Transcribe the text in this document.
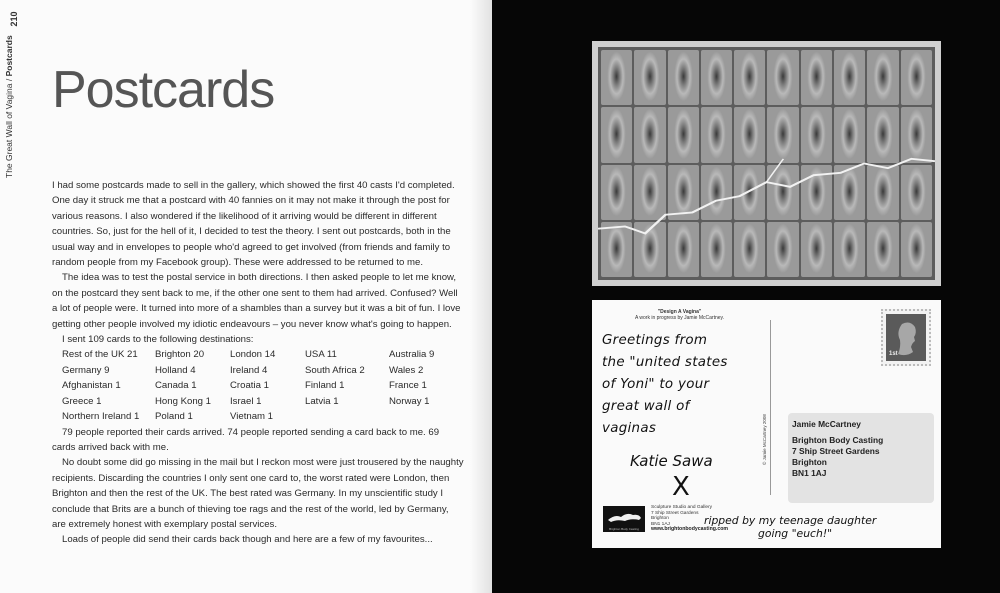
210
The Great Wall of Vagina / Postcards
Postcards

I had some postcards made to sell in the gallery, which showed the first 40 casts I'd completed. One day it struck me that a postcard with 40 fannies on it may not make it through the post for various reasons. I also wondered if the likelihood of it arriving would be different in different countries. So, just for the hell of it, I decided to test the theory. I sent out postcards, both in the usual way and in envelopes to people who'd agreed to get involved (from friends and family to random people from my Facebook group). These were addressed to be returned to me.

The idea was to test the postal service in both directions. I then asked people to let me know, on the postcard they sent back to me, if the other one sent to them had arrived. Confused? Well a lot of people were. It turned into more of a shambles than a survey but it was a bit of fun. I love getting other people involved my idiotic endeavours – you never know what's going to happen.

I sent 109 cards to the following destinations:

Rest of the UK 21	Brighton 20	London 14	USA 11	Australia 9
Germany 9	Holland 4	Ireland 4	South Africa 2	Wales 2
Afghanistan 1	Canada 1	Croatia 1	Finland 1	France 1
Greece 1	Hong Kong 1	Israel 1	Latvia 1	Norway 1
Northern Ireland 1	Poland 1	Vietnam 1		

79 people reported their cards arrived. 74 people reported sending a card back to me. 69 cards arrived back with me.

No doubt some did go missing in the mail but I reckon most were just trousered by the naughty recipients. Discarding the countries I only sent one card to, the worst rated were London, then Brighton and then the rest of the UK. The best rated was Germany. In my unscientific study I conclude that Brits are a bunch of thieving toe rags and the rest of the world, led by Germany, are extremely honest with exemplary postal services.

Loads of people did send their cards back though and here are a few of my favourites...

"Design A Vagina"
A work in progress by Jamie McCartney.
Greetings from
the "united states
of Yoni" to your
great wall of
vaginas
Katie Sawa
X
© Jamie McCartney 2008
1st
Jamie McCartney
Brighton Body Casting
7 Ship Street Gardens
Brighton
BN1 1AJ
Brighton Body Casting
Sculpture Studio and Gallery
7 Ship Street Gardens
Brighton
BN1 1AJ
www.brightonbodycasting.com
ripped by my teenage daughter
going "euch!"
